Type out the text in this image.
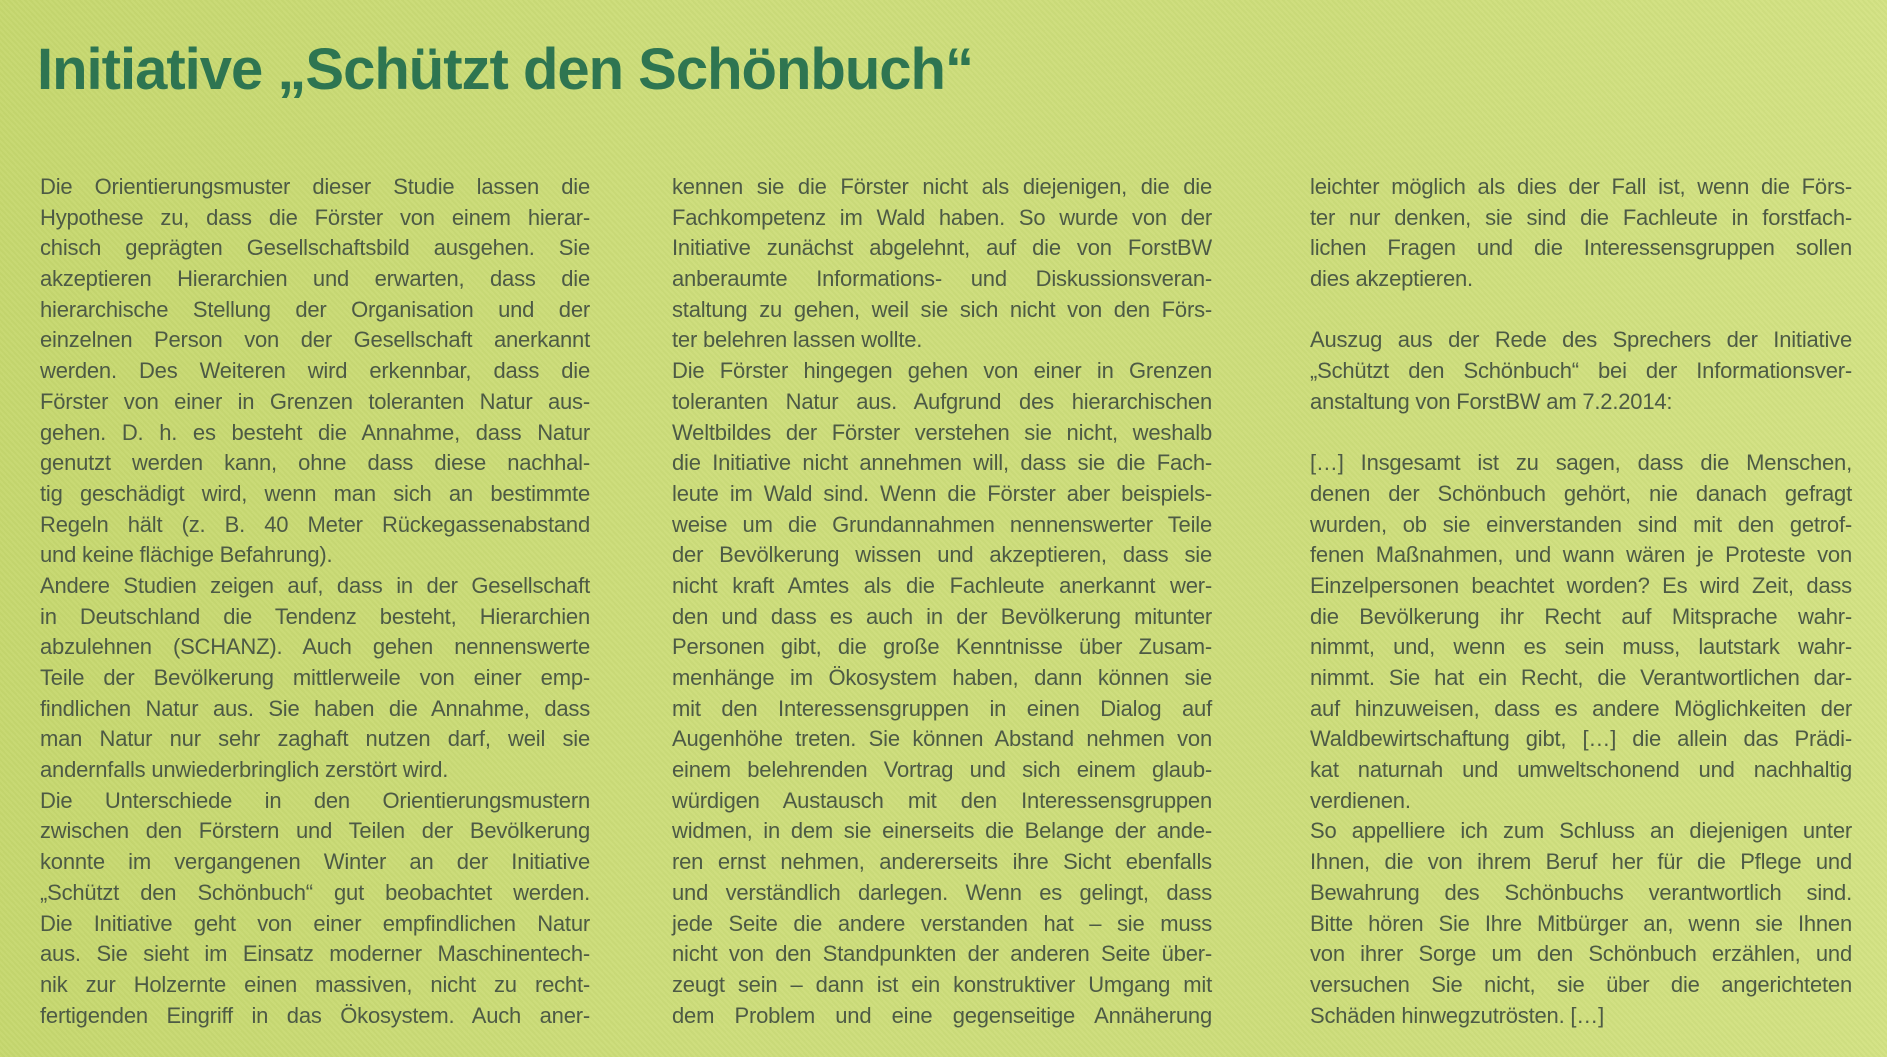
Initiative „Schützt den Schönbuch“
Die Orientierungsmuster dieser Studie lassen die
Hypothese zu, dass die Förster von einem hierar-
chisch geprägten Gesellschaftsbild ausgehen. Sie
akzeptieren Hierarchien und erwarten, dass die
hierarchische Stellung der Organisation und der
einzelnen Person von der Gesellschaft anerkannt
werden. Des Weiteren wird erkennbar, dass die
Förster von einer in Grenzen toleranten Natur aus-
gehen. D. h. es besteht die Annahme, dass Natur
genutzt werden kann, ohne dass diese nachhal-
tig geschädigt wird, wenn man sich an bestimmte
Regeln hält (z. B. 40 Meter Rückegassenabstand
und keine flächige Befahrung).
Andere Studien zeigen auf, dass in der Gesellschaft
in Deutschland die Tendenz besteht, Hierarchien
abzulehnen (SCHANZ). Auch gehen nennenswerte
Teile der Bevölkerung mittlerweile von einer emp-
findlichen Natur aus. Sie haben die Annahme, dass
man Natur nur sehr zaghaft nutzen darf, weil sie
andernfalls unwiederbringlich zerstört wird.
Die Unterschiede in den Orientierungsmustern
zwischen den Förstern und Teilen der Bevölkerung
konnte im vergangenen Winter an der Initiative
„Schützt den Schönbuch“ gut beobachtet werden.
Die Initiative geht von einer empfindlichen Natur
aus. Sie sieht im Einsatz moderner Maschinentech-
nik zur Holzernte einen massiven, nicht zu recht-
fertigenden Eingriff in das Ökosystem. Auch aner-
kennen sie die Förster nicht als diejenigen, die die
Fachkompetenz im Wald haben. So wurde von der
Initiative zunächst abgelehnt, auf die von ForstBW
anberaumte Informations- und Diskussionsveran-
staltung zu gehen, weil sie sich nicht von den Förs-
ter belehren lassen wollte.
Die Förster hingegen gehen von einer in Grenzen
toleranten Natur aus. Aufgrund des hierarchischen
Weltbildes der Förster verstehen sie nicht, weshalb
die Initiative nicht annehmen will, dass sie die Fach-
leute im Wald sind. Wenn die Förster aber beispiels-
weise um die Grundannahmen nennenswerter Teile
der Bevölkerung wissen und akzeptieren, dass sie
nicht kraft Amtes als die Fachleute anerkannt wer-
den und dass es auch in der Bevölkerung mitunter
Personen gibt, die große Kenntnisse über Zusam-
menhänge im Ökosystem haben, dann können sie
mit den Interessensgruppen in einen Dialog auf
Augenhöhe treten. Sie können Abstand nehmen von
einem belehrenden Vortrag und sich einem glaub-
würdigen Austausch mit den Interessensgruppen
widmen, in dem sie einerseits die Belange der ande-
ren ernst nehmen, andererseits ihre Sicht ebenfalls
und verständlich darlegen. Wenn es gelingt, dass
jede Seite die andere verstanden hat – sie muss
nicht von den Standpunkten der anderen Seite über-
zeugt sein – dann ist ein konstruktiver Umgang mit
dem Problem und eine gegenseitige Annäherung
leichter möglich als dies der Fall ist, wenn die Förs-
ter nur denken, sie sind die Fachleute in forstfach-
lichen Fragen und die Interessensgruppen sollen
dies akzeptieren.
Auszug aus der Rede des Sprechers der Initiative
„Schützt den Schönbuch“ bei der Informationsver-
anstaltung von ForstBW am 7.2.2014:
[…] Insgesamt ist zu sagen, dass die Menschen,
denen der Schönbuch gehört, nie danach gefragt
wurden, ob sie einverstanden sind mit den getrof-
fenen Maßnahmen, und wann wären je Proteste von
Einzelpersonen beachtet worden? Es wird Zeit, dass
die Bevölkerung ihr Recht auf Mitsprache wahr-
nimmt, und, wenn es sein muss, lautstark wahr-
nimmt. Sie hat ein Recht, die Verantwortlichen dar-
auf hinzuweisen, dass es andere Möglichkeiten der
Waldbewirtschaftung gibt, […] die allein das Prädi-
kat naturnah und umweltschonend und nachhaltig
verdienen.
So appelliere ich zum Schluss an diejenigen unter
Ihnen, die von ihrem Beruf her für die Pflege und
Bewahrung des Schönbuchs verantwortlich sind.
Bitte hören Sie Ihre Mitbürger an, wenn sie Ihnen
von ihrer Sorge um den Schönbuch erzählen, und
versuchen Sie nicht, sie über die angerichteten
Schäden hinwegzutrösten. […]
